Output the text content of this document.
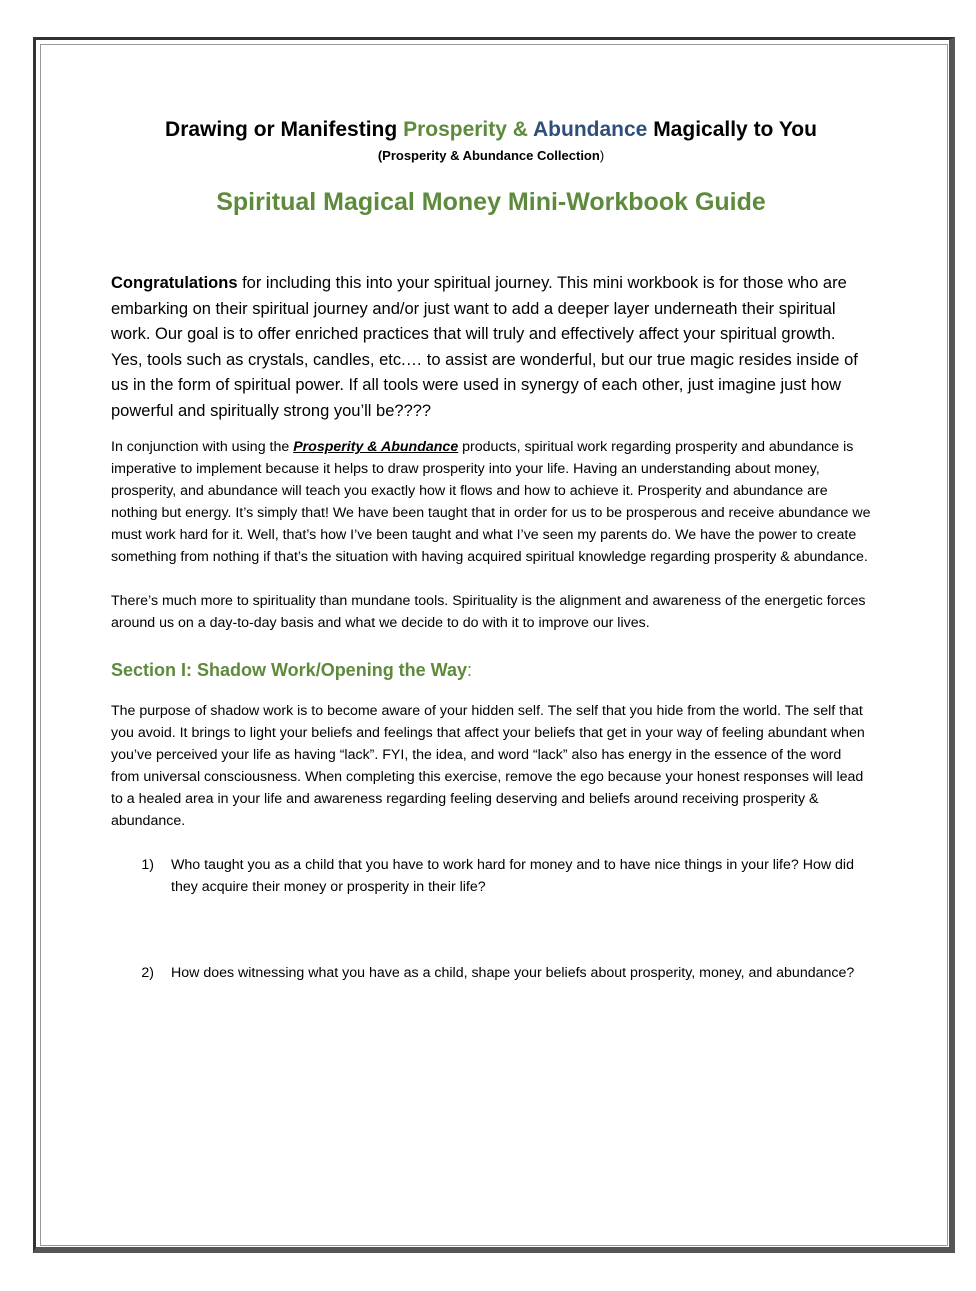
Drawing or Manifesting Prosperity & Abundance Magically to You

(Prosperity & Abundance Collection)

Spiritual Magical Money Mini-Workbook Guide

Congratulations for including this into your spiritual journey. This mini workbook is for those who are embarking on their spiritual journey and/or just want to add a deeper layer underneath their spiritual work. Our goal is to offer enriched practices that will truly and effectively affect your spiritual growth. Yes, tools such as crystals, candles, etc.… to assist are wonderful, but our true magic resides inside of us in the form of spiritual power. If all tools were used in synergy of each other, just imagine just how powerful and spiritually strong you’ll be????

In conjunction with using the Prosperity & Abundance products, spiritual work regarding prosperity and abundance is imperative to implement because it helps to draw prosperity into your life. Having an understanding about money, prosperity, and abundance will teach you exactly how it flows and how to achieve it. Prosperity and abundance are nothing but energy. It’s simply that! We have been taught that in order for us to be prosperous and receive abundance we must work hard for it. Well, that’s how I’ve been taught and what I’ve seen my parents do. We have the power to create something from nothing if that’s the situation with having acquired spiritual knowledge regarding prosperity & abundance.

There’s much more to spirituality than mundane tools. Spirituality is the alignment and awareness of the energetic forces around us on a day-to-day basis and what we decide to do with it to improve our lives.

Section I: Shadow Work/Opening the Way:

The purpose of shadow work is to become aware of your hidden self. The self that you hide from the world. The self that you avoid. It brings to light your beliefs and feelings that affect your beliefs that get in your way of feeling abundant when you’ve perceived your life as having “lack”. FYI, the idea, and word “lack” also has energy in the essence of the word from universal consciousness. When completing this exercise, remove the ego because your honest responses will lead to a healed area in your life and awareness regarding feeling deserving and beliefs around receiving prosperity & abundance.

1)	Who taught you as a child that you have to work hard for money and to have nice things in your life? How did they acquire their money or prosperity in their life?
2)	How does witnessing what you have as a child, shape your beliefs about prosperity, money, and abundance?
